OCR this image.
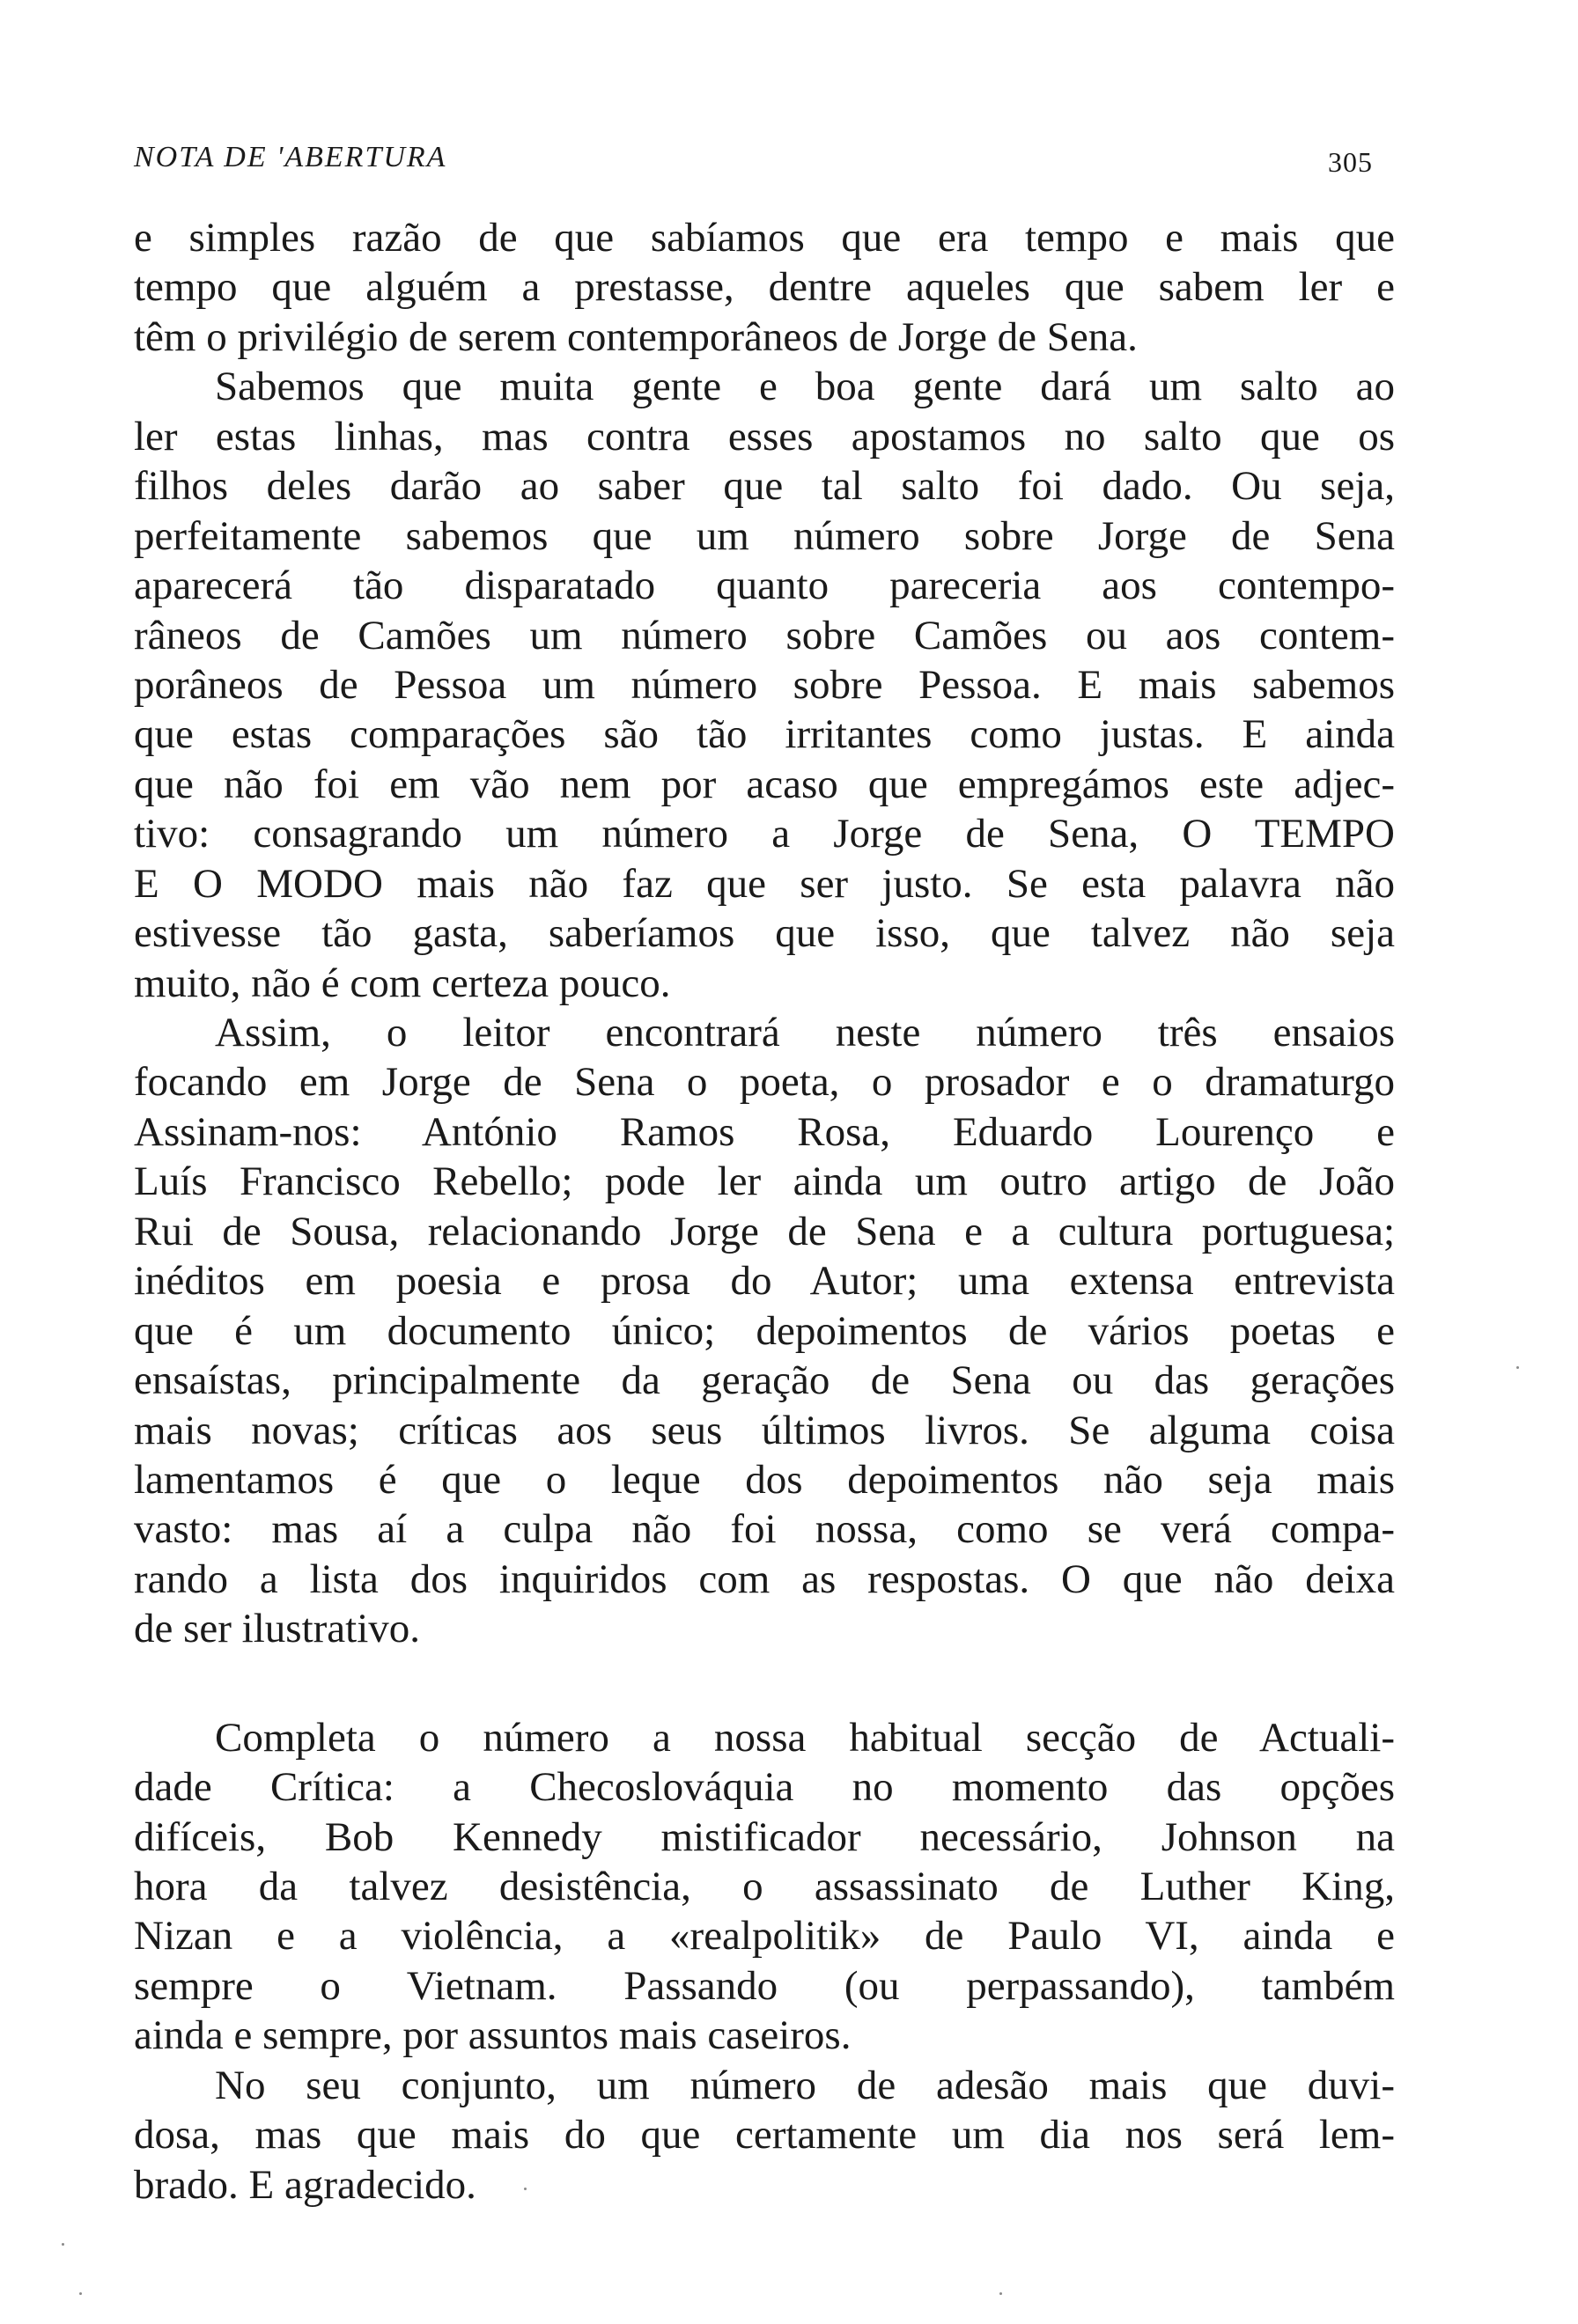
NOTA DE 'ABERTURA	305
e simples razão de que sabíamos que era tempo e mais que
tempo que alguém a prestasse, dentre aqueles que sabem ler e
têm o privilégio de serem contemporâneos de Jorge de Sena.
Sabemos que muita gente e boa gente dará um salto ao
ler estas linhas, mas contra esses apostamos no salto que os
filhos deles darão ao saber que tal salto foi dado. Ou seja,
perfeitamente sabemos que um número sobre Jorge de Sena
aparecerá tão disparatado quanto pareceria aos contempo-
râneos de Camões um número sobre Camões ou aos contem-
porâneos de Pessoa um número sobre Pessoa. E mais sabemos
que estas comparações são tão irritantes como justas. E ainda
que não foi em vão nem por acaso que empregámos este adjec-
tivo: consagrando um número a Jorge de Sena, O TEMPO
E O MODO mais não faz que ser justo. Se esta palavra não
estivesse tão gasta, saberíamos que isso, que talvez não seja
muito, não é com certeza pouco.
Assim, o leitor encontrará neste número três ensaios
focando em Jorge de Sena o poeta, o prosador e o dramaturgo
Assinam-nos: António Ramos Rosa, Eduardo Lourenço e
Luís Francisco Rebello; pode ler ainda um outro artigo de João
Rui de Sousa, relacionando Jorge de Sena e a cultura portuguesa;
inéditos em poesia e prosa do Autor; uma extensa entrevista
que é um documento único; depoimentos de vários poetas e
ensaístas, principalmente da geração de Sena ou das gerações
mais novas; críticas aos seus últimos livros. Se alguma coisa
lamentamos é que o leque dos depoimentos não seja mais
vasto: mas aí a culpa não foi nossa, como se verá compa-
rando a lista dos inquiridos com as respostas. O que não deixa
de ser ilustrativo.
Completa o número a nossa habitual secção de Actuali-
dade Crítica: a Checoslováquia no momento das opções
difíceis, Bob Kennedy mistificador necessário, Johnson na
hora da talvez desistência, o assassinato de Luther King,
Nizan e a violência, a «realpolitik» de Paulo VI, ainda e
sempre o Vietnam. Passando (ou perpassando), também
ainda e sempre, por assuntos mais caseiros.
No seu conjunto, um número de adesão mais que duvi-
dosa, mas que mais do que certamente um dia nos será lem-
brado. E agradecido.
